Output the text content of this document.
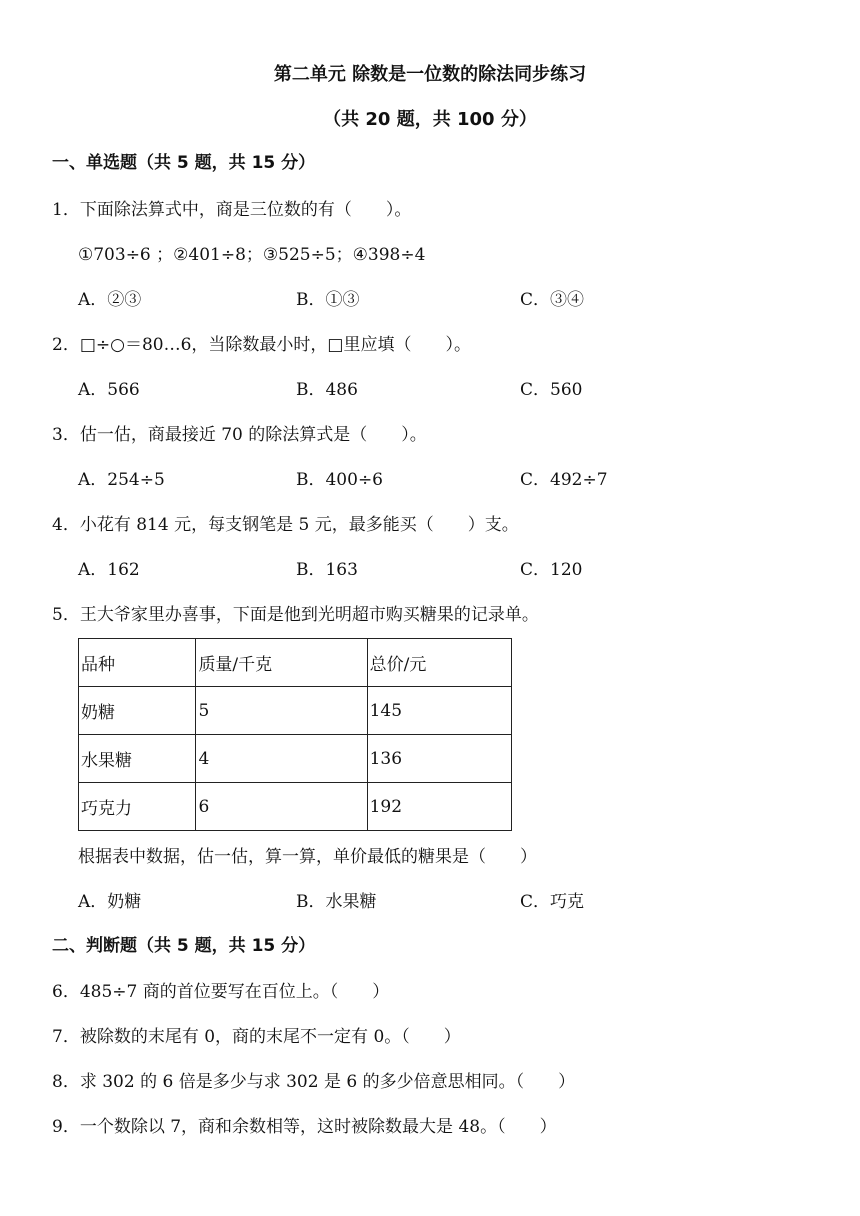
第二单元 除数是一位数的除法同步练习
（共 20 题，共 100 分）
一、单选题（共 5 题，共 15 分）
1．下面除法算式中，商是三位数的有（　　）。
①703÷6 ；②401÷8；③525÷5；④398÷4
A．②③	B．①③	C．③④
2．□÷○＝80…6，当除数最小时，□里应填（　　）。
A．566	B．486	C．560
3．估一估，商最接近 70 的除法算式是（　　）。
A．254÷5	B．400÷6	C．492÷7
4．小花有 814 元，每支钢笔是 5 元，最多能买（　　）支。
A．162	B．163	C．120
5．王大爷家里办喜事，下面是他到光明超市购买糖果的记录单。
品种	质量/千克	总价/元
奶糖	5	145
水果糖	4	136
巧克力	6	192
根据表中数据，估一估，算一算，单价最低的糖果是（　　）
A．奶糖	B．水果糖	C．巧克
二、判断题（共 5 题，共 15 分）
6．485÷7 商的首位要写在百位上。（　　）
7．被除数的末尾有 0，商的末尾不一定有 0。（　　）
8．求 302 的 6 倍是多少与求 302 是 6 的多少倍意思相同。（　　）
9．一个数除以 7，商和余数相等，这时被除数最大是 48。（　　）
